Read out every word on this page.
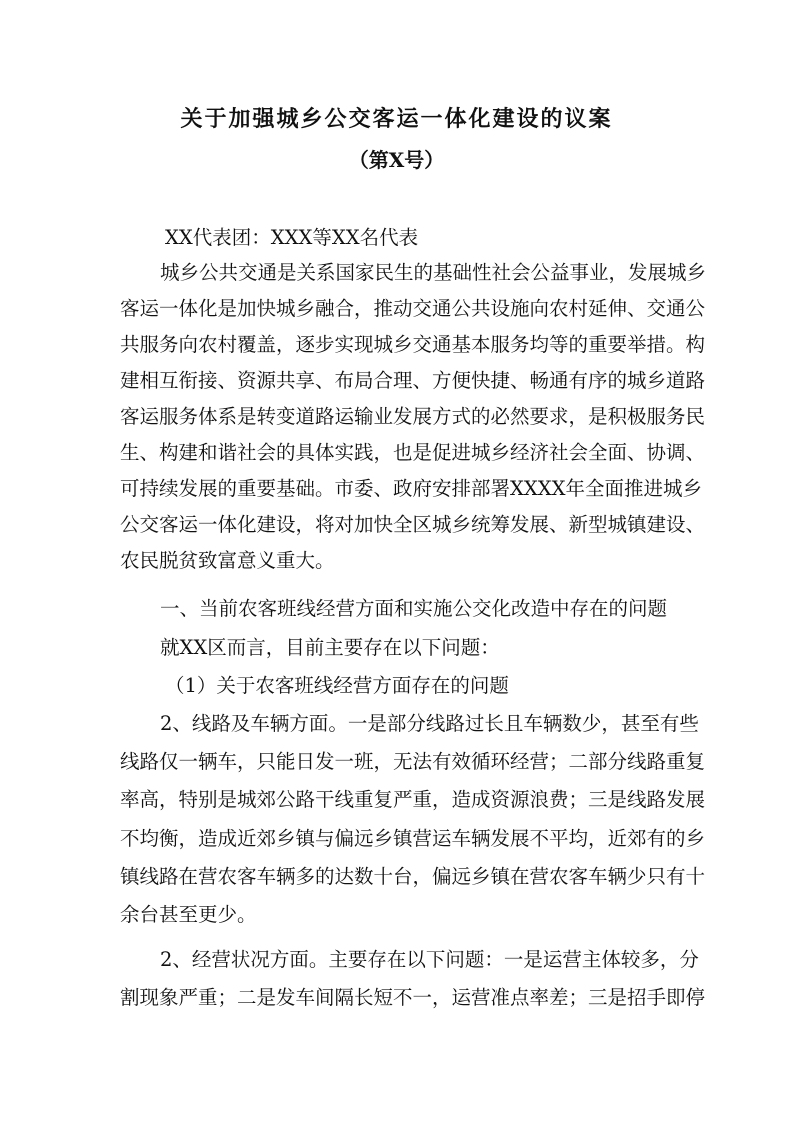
关于加强城乡公交客运一体化建设的议案
（第X号）
XX代表团：XXX等XX名代表
城乡公共交通是关系国家民生的基础性社会公益事业，发展城乡
客运一体化是加快城乡融合，推动交通公共设施向农村延伸、交通公
共服务向农村覆盖，逐步实现城乡交通基本服务均等的重要举措。构
建相互衔接、资源共享、布局合理、方便快捷、畅通有序的城乡道路
客运服务体系是转变道路运输业发展方式的必然要求，是积极服务民
生、构建和谐社会的具体实践，也是促进城乡经济社会全面、协调、
可持续发展的重要基础。市委、政府安排部署XXXX年全面推进城乡
公交客运一体化建设，将对加快全区城乡统筹发展、新型城镇建设、
农民脱贫致富意义重大。
一、当前农客班线经营方面和实施公交化改造中存在的问题
就XX区而言，目前主要存在以下问题：
（1）关于农客班线经营方面存在的问题
2、线路及车辆方面。一是部分线路过长且车辆数少，甚至有些
线路仅一辆车，只能日发一班，无法有效循环经营；二部分线路重复
率高，特别是城郊公路干线重复严重，造成资源浪费；三是线路发展
不均衡，造成近郊乡镇与偏远乡镇营运车辆发展不平均，近郊有的乡
镇线路在营农客车辆多的达数十台，偏远乡镇在营农客车辆少只有十
余台甚至更少。
2、经营状况方面。主要存在以下问题：一是运营主体较多，分
割现象严重；二是发车间隔长短不一，运营准点率差；三是招手即停
